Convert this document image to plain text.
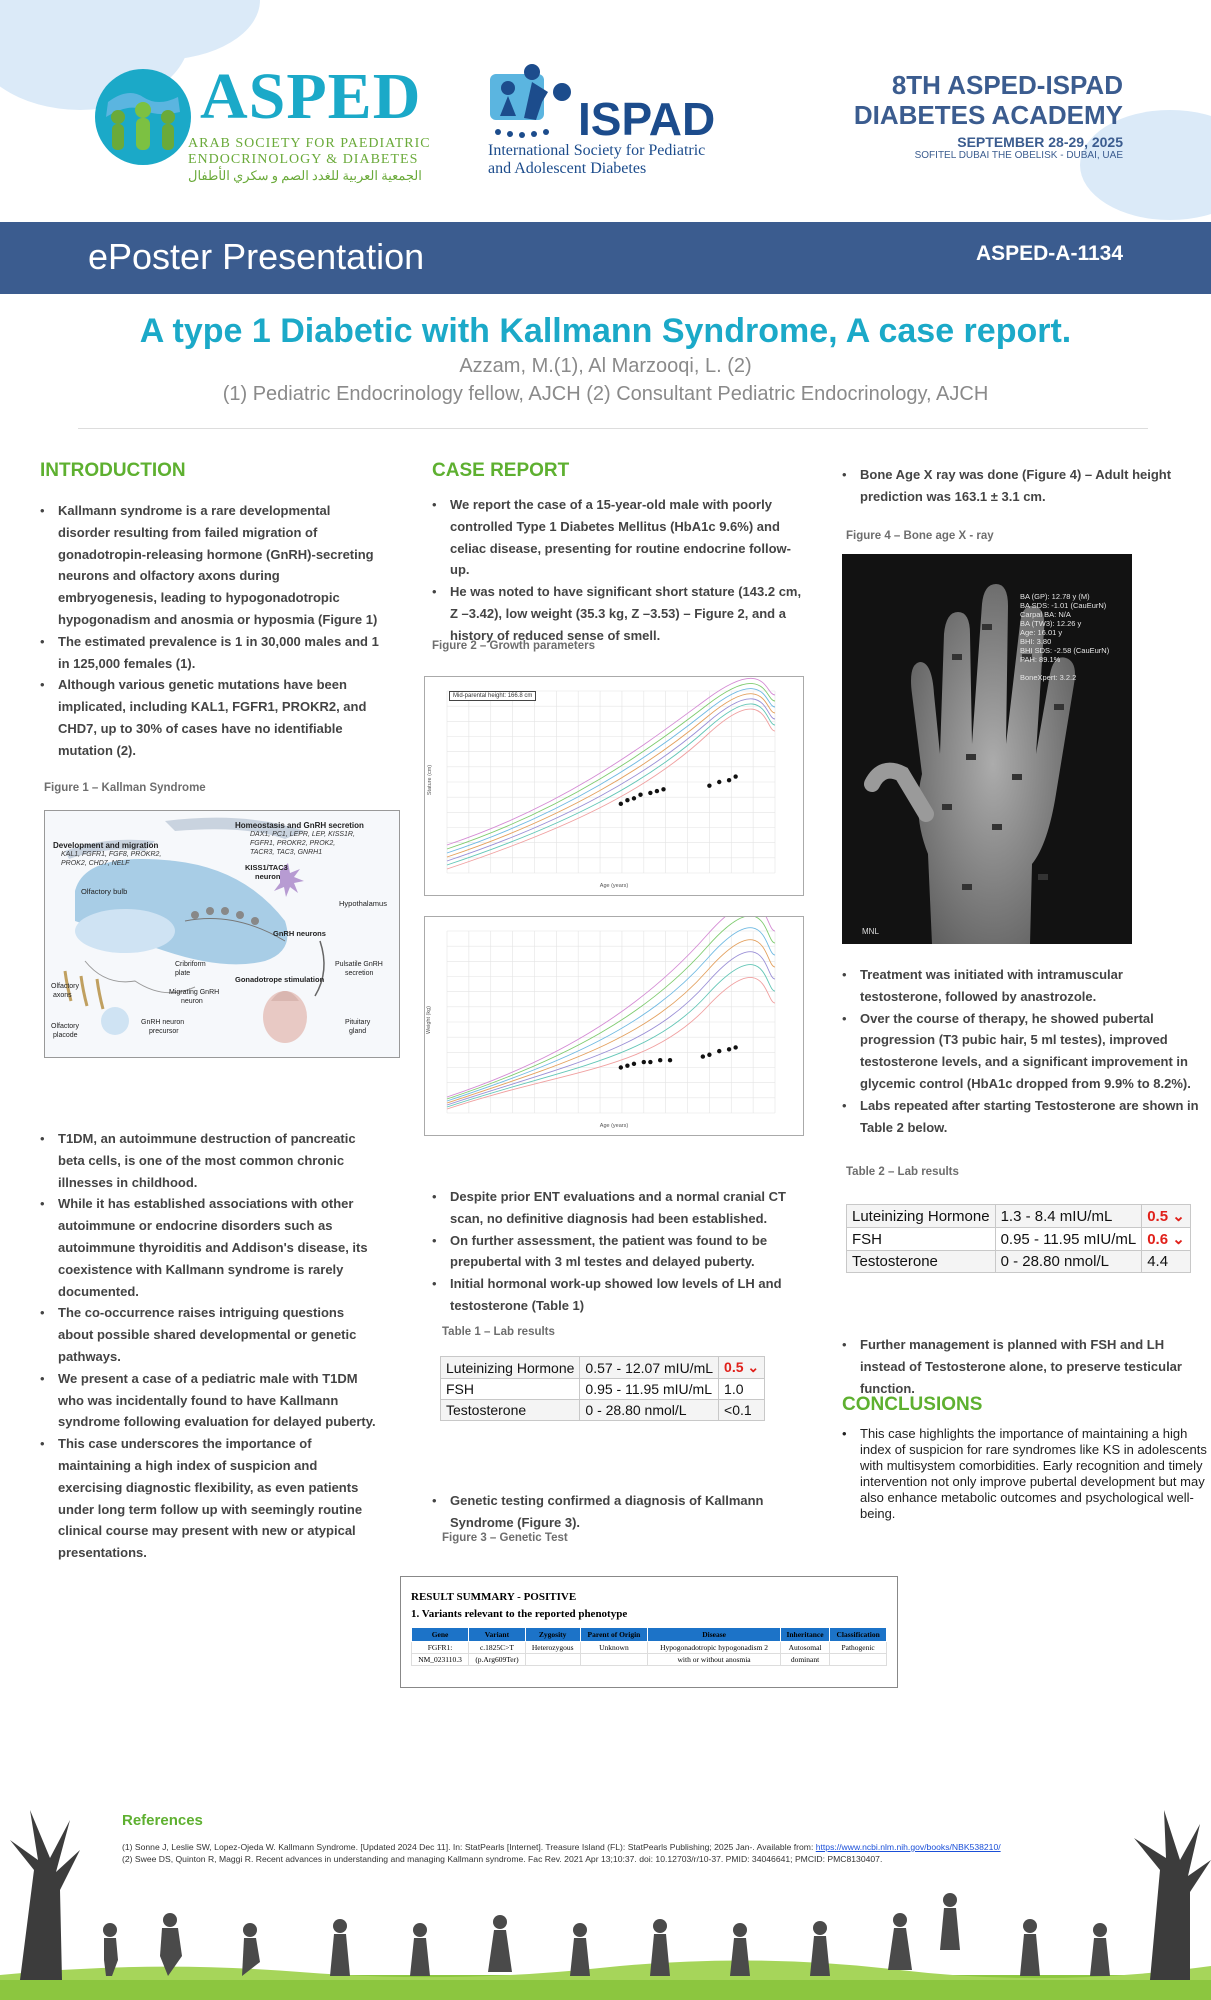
ASPED
ARAB SOCIETY FOR PAEDIATRIC
ENDOCRINOLOGY & DIABETES
الجمعية العربية للغدد الصم و سكري الأطفال
ISPAD
International Society for Pediatric
and Adolescent Diabetes
8TH ASPED-ISPAD
DIABETES ACADEMY
SEPTEMBER 28-29, 2025
SOFITEL DUBAI THE OBELISK - DUBAI, UAE
ePoster Presentation	ASPED-A-1134
A type 1 Diabetic with Kallmann Syndrome, A case report.
Azzam, M.(1), Al Marzooqi, L. (2)
(1) Pediatric Endocrinology fellow, AJCH (2) Consultant Pediatric Endocrinology, AJCH
INTRODUCTION
• Kallmann syndrome is a rare developmental disorder resulting from failed migration of gonadotropin-releasing hormone (GnRH)-secreting neurons and olfactory axons during embryogenesis, leading to hypogonadotropic hypogonadism and anosmia or hyposmia (Figure 1)
• The estimated prevalence is 1 in 30,000 males and 1 in 125,000 females (1).
• Although various genetic mutations have been implicated, including KAL1, FGFR1, PROKR2, and CHD7, up to 30% of cases have no identifiable mutation (2).
Figure 1 – Kallman Syndrome
Development and migration
KAL1, FGFR1, FGF8, PROKR2,
PROK2, CHD7, NELF
Homeostasis and GnRH secretion
DAX1, PC1, LEPR, LEP, KISS1R,
FGFR1, PROKR2, PROK2,
TACR3, TAC3, GNRH1
KISS1/TAC3
neuron
Olfactory bulb
Hypothalamus
GnRH neurons
Cribriform
plate
Pulsatile GnRH
secretion
Olfactory
axons	Migrating GnRH
neuron
Gonadotrope stimulation
Olfactory
placode
GnRH neuron
precursor
Pituitary
gland
• T1DM, an autoimmune destruction of pancreatic beta cells, is one of the most common chronic illnesses in childhood.
• While it has established associations with other autoimmune or endocrine disorders such as autoimmune thyroiditis and Addison's disease, its coexistence with Kallmann syndrome is rarely documented.
• The co-occurrence raises intriguing questions about possible shared developmental or genetic pathways.
• We present a case of a pediatric male with T1DM who was incidentally found to have Kallmann syndrome following evaluation for delayed puberty.
• This case underscores the importance of maintaining a high index of suspicion and exercising diagnostic flexibility, as even patients under long term follow up with seemingly routine clinical course may present with new or atypical presentations.
CASE REPORT
• We report the case of a 15-year-old male with poorly controlled Type 1 Diabetes Mellitus (HbA1c 9.6%) and celiac disease, presenting for routine endocrine follow-up.
• He was noted to have significant short stature (143.2 cm, Z –3.42), low weight (35.3 kg, Z –3.53) – Figure 2, and a history of reduced sense of smell.
Figure 2 – Growth parameters
Mid-parental height: 166.8 cm
Age (years)
Stature (cm)
Age (years)
Weight (kg)
• Despite prior ENT evaluations and a normal cranial CT scan, no definitive diagnosis had been established.
• On further assessment, the patient was found to be prepubertal with 3 ml testes and delayed puberty.
• Initial hormonal work-up showed low levels of LH and testosterone (Table 1)
Table 1 – Lab results
Luteinizing Hormone	0.57 - 12.07 mIU/mL	0.5 ⌄
FSH	0.95 - 11.95 mIU/mL	1.0
Testosterone	0 - 28.80 nmol/L	<0.1
• Genetic testing confirmed a diagnosis of Kallmann Syndrome (Figure 3).
Figure 3 – Genetic Test
RESULT SUMMARY - POSITIVE
1. Variants relevant to the reported phenotype
Gene	Variant	Zygosity	Parent of Origin	Disease	Inheritance	Classification
FGFR1:	c.1825C>T	Heterozygous	Unknown	Hypogonadotropic hypogonadism 2	Autosomal	Pathogenic
NM_023110.3	(p.Arg609Ter)			with or without anosmia	dominant	
• Bone Age X ray was done (Figure 4) – Adult height prediction was 163.1 ± 3.1 cm.
Figure 4 – Bone age X - ray
BA (GP): 12.78 y (M)
BA SDS: -1.01 (CauEurN)
Carpal BA: N/A
BA (TW3): 12.26 y
Age: 16.01 y
BHI: 3.80
BHI SDS: -2.58 (CauEurN)
PAH: 89.1%

BoneXpert: 3.2.2
MNL
• Treatment was initiated with intramuscular testosterone, followed by anastrozole.
• Over the course of therapy, he showed pubertal progression (T3 pubic hair, 5 ml testes), improved testosterone levels, and a significant improvement in glycemic control (HbA1c dropped from 9.9% to 8.2%).
• Labs repeated after starting Testosterone are shown in Table 2 below.
Table 2 – Lab results
Luteinizing Hormone	1.3 - 8.4 mIU/mL	0.5 ⌄
FSH	0.95 - 11.95 mIU/mL	0.6 ⌄
Testosterone	0 - 28.80 nmol/L	4.4
• Further management is planned with FSH and LH instead of Testosterone alone, to preserve testicular function.
CONCLUSIONS
• This case highlights the importance of maintaining a high index of suspicion for rare syndromes like KS in adolescents with multisystem comorbidities. Early recognition and timely intervention not only improve pubertal development but may also enhance metabolic outcomes and psychological well-being.
References
(1) Sonne J, Leslie SW, Lopez-Ojeda W. Kallmann Syndrome. [Updated 2024 Dec 11]. In: StatPearls [Internet]. Treasure Island (FL): StatPearls Publishing; 2025 Jan-. Available from: https://www.ncbi.nlm.nih.gov/books/NBK538210/
(2) Swee DS, Quinton R, Maggi R. Recent advances in understanding and managing Kallmann syndrome. Fac Rev. 2021 Apr 13;10:37. doi: 10.12703/r/10-37. PMID: 34046641; PMCID: PMC8130407.
